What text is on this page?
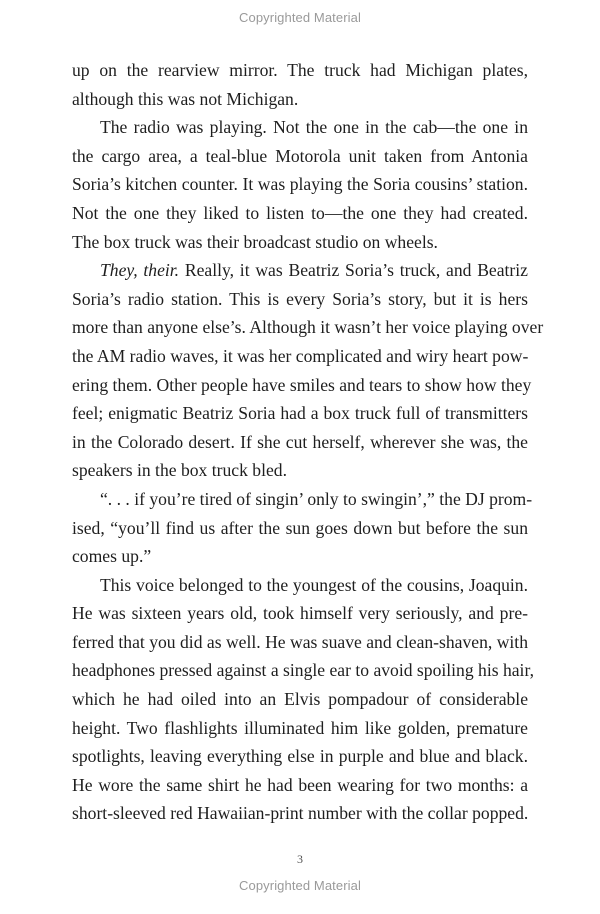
Copyrighted Material
up on the rearview mirror. The truck had Michigan plates,
although this was not Michigan.
The radio was playing. Not the one in the cab—the one in
the cargo area, a teal-blue Motorola unit taken from Antonia
Soria’s kitchen counter. It was playing the Soria cousins’ station.
Not the one they liked to listen to—the one they had created.
The box truck was their broadcast studio on wheels.
They, their. Really, it was Beatriz Soria’s truck, and Beatriz
Soria’s radio station. This is every Soria’s story, but it is hers
more than anyone else’s. Although it wasn’t her voice playing over
the AM radio waves, it was her complicated and wiry heart pow-
ering them. Other people have smiles and tears to show how they
feel; enigmatic Beatriz Soria had a box truck full of transmitters
in the Colorado desert. If she cut herself, wherever she was, the
speakers in the box truck bled.
“. . . if you’re tired of singin’ only to swingin’,” the DJ prom-
ised, “you’ll find us after the sun goes down but before the sun
comes up.”
This voice belonged to the youngest of the cousins, Joaquin.
He was sixteen years old, took himself very seriously, and pre-
ferred that you did as well. He was suave and clean-shaven, with
headphones pressed against a single ear to avoid spoiling his hair,
which he had oiled into an Elvis pompadour of considerable
height. Two flashlights illuminated him like golden, premature
spotlights, leaving everything else in purple and blue and black.
He wore the same shirt he had been wearing for two months: a
short-sleeved red Hawaiian-print number with the collar popped.
3
Copyrighted Material
